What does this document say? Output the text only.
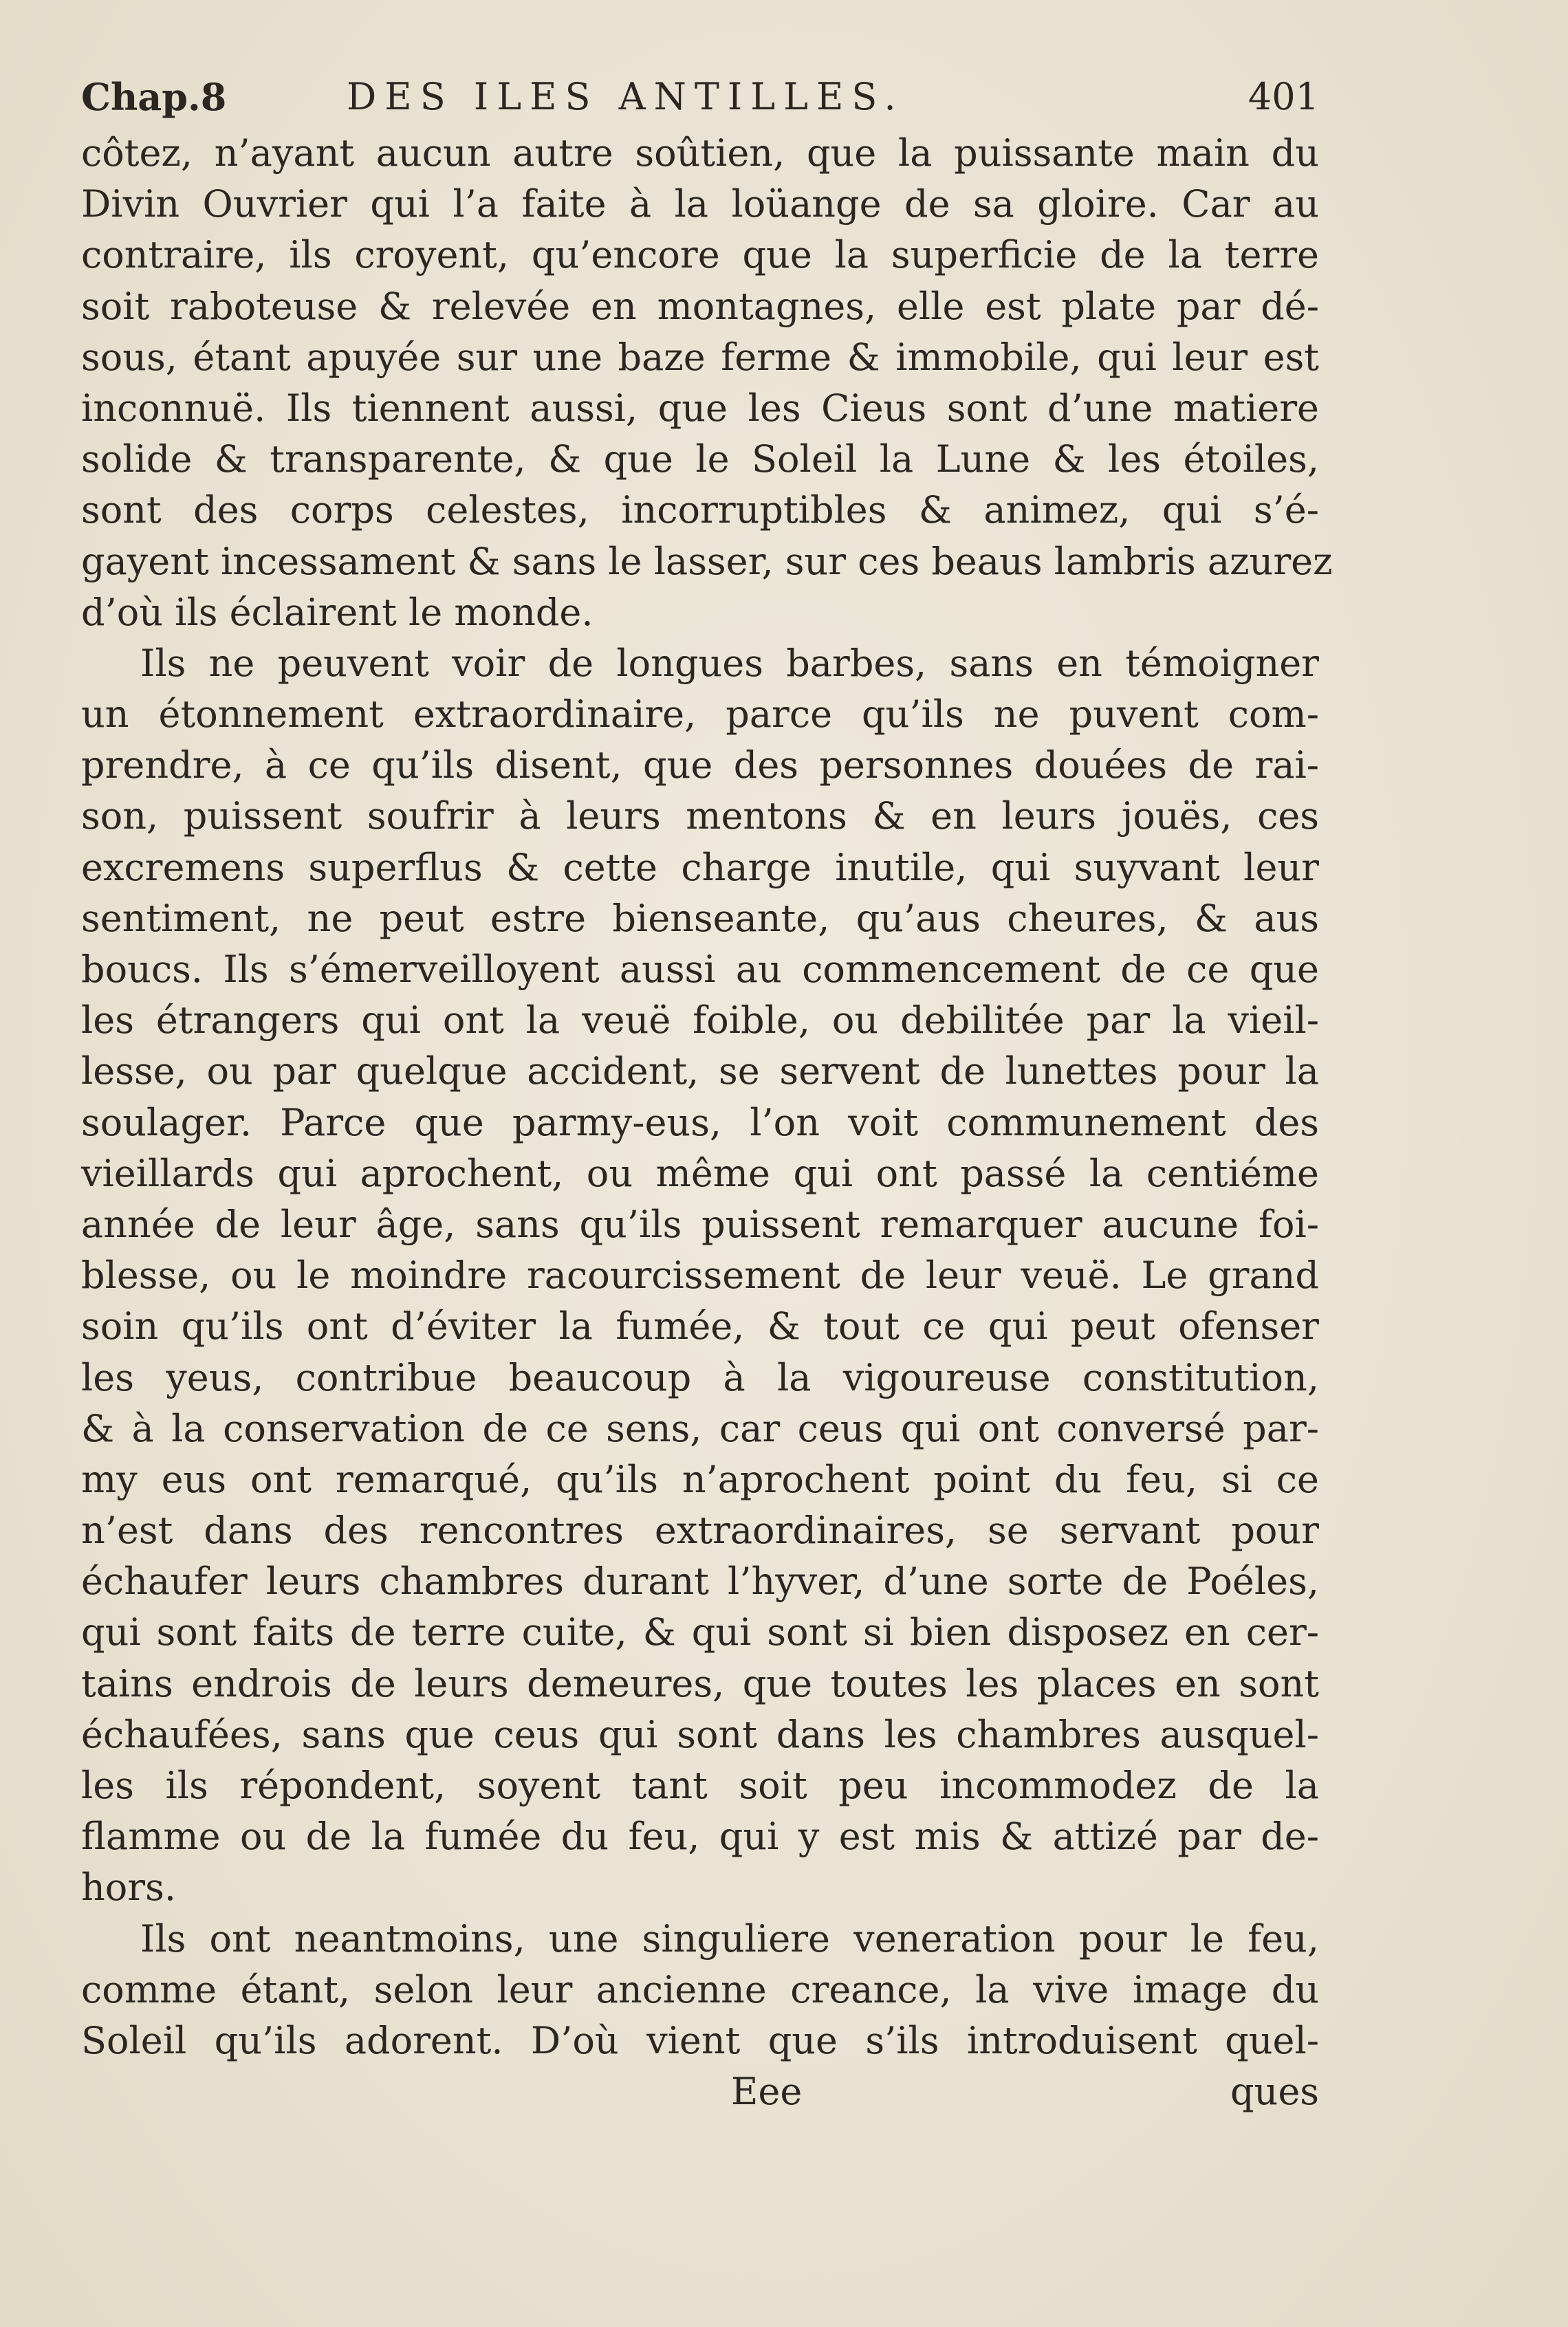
Chap.8	DES ILES ANTILLES.	401
côtez, n’ayant aucun autre soûtien, que la puissante main du
Divin Ouvrier qui l’a faite à la loüange de sa gloire. Car au
contraire, ils croyent, qu’encore que la superficie de la terre
soit raboteuse & relevée en montagnes, elle est plate par dé-
sous, étant apuyée sur une baze ferme & immobile, qui leur est
inconnuë. Ils tiennent aussi, que les Cieus sont d’une matiere
solide & transparente, & que le Soleil la Lune & les étoiles,
sont des corps celestes, incorruptibles & animez, qui s’é-
gayent incessament & sans le lasser, sur ces beaus lambris azurez
d’où ils éclairent le monde.
Ils ne peuvent voir de longues barbes, sans en témoigner
un étonnement extraordinaire, parce qu’ils ne puvent com-
prendre, à ce qu’ils disent, que des personnes douées de rai-
son, puissent soufrir à leurs mentons & en leurs jouës, ces
excremens superflus & cette charge inutile, qui suyvant leur
sentiment, ne peut estre bienseante, qu’aus cheures, & aus
boucs. Ils s’émerveilloyent aussi au commencement de ce que
les étrangers qui ont la veuë foible, ou debilitée par la vieil-
lesse, ou par quelque accident, se servent de lunettes pour la
soulager. Parce que parmy-eus, l’on voit communement des
vieillards qui aprochent, ou même qui ont passé la centiéme
année de leur âge, sans qu’ils puissent remarquer aucune foi-
blesse, ou le moindre racourcissement de leur veuë. Le grand
soin qu’ils ont d’éviter la fumée, & tout ce qui peut ofenser
les yeus, contribue beaucoup à la vigoureuse constitution,
& à la conservation de ce sens, car ceus qui ont conversé par-
my eus ont remarqué, qu’ils n’aprochent point du feu, si ce
n’est dans des rencontres extraordinaires, se servant pour
échaufer leurs chambres durant l’hyver, d’une sorte de Poéles,
qui sont faits de terre cuite, & qui sont si bien disposez en cer-
tains endrois de leurs demeures, que toutes les places en sont
échaufées, sans que ceus qui sont dans les chambres ausquel-
les ils répondent, soyent tant soit peu incommodez de la
flamme ou de la fumée du feu, qui y est mis & attizé par de-
hors.
Ils ont neantmoins, une singuliere veneration pour le feu,
comme étant, selon leur ancienne creance, la vive image du
Soleil qu’ils adorent. D’où vient que s’ils introduisent quel-
Eee	ques
